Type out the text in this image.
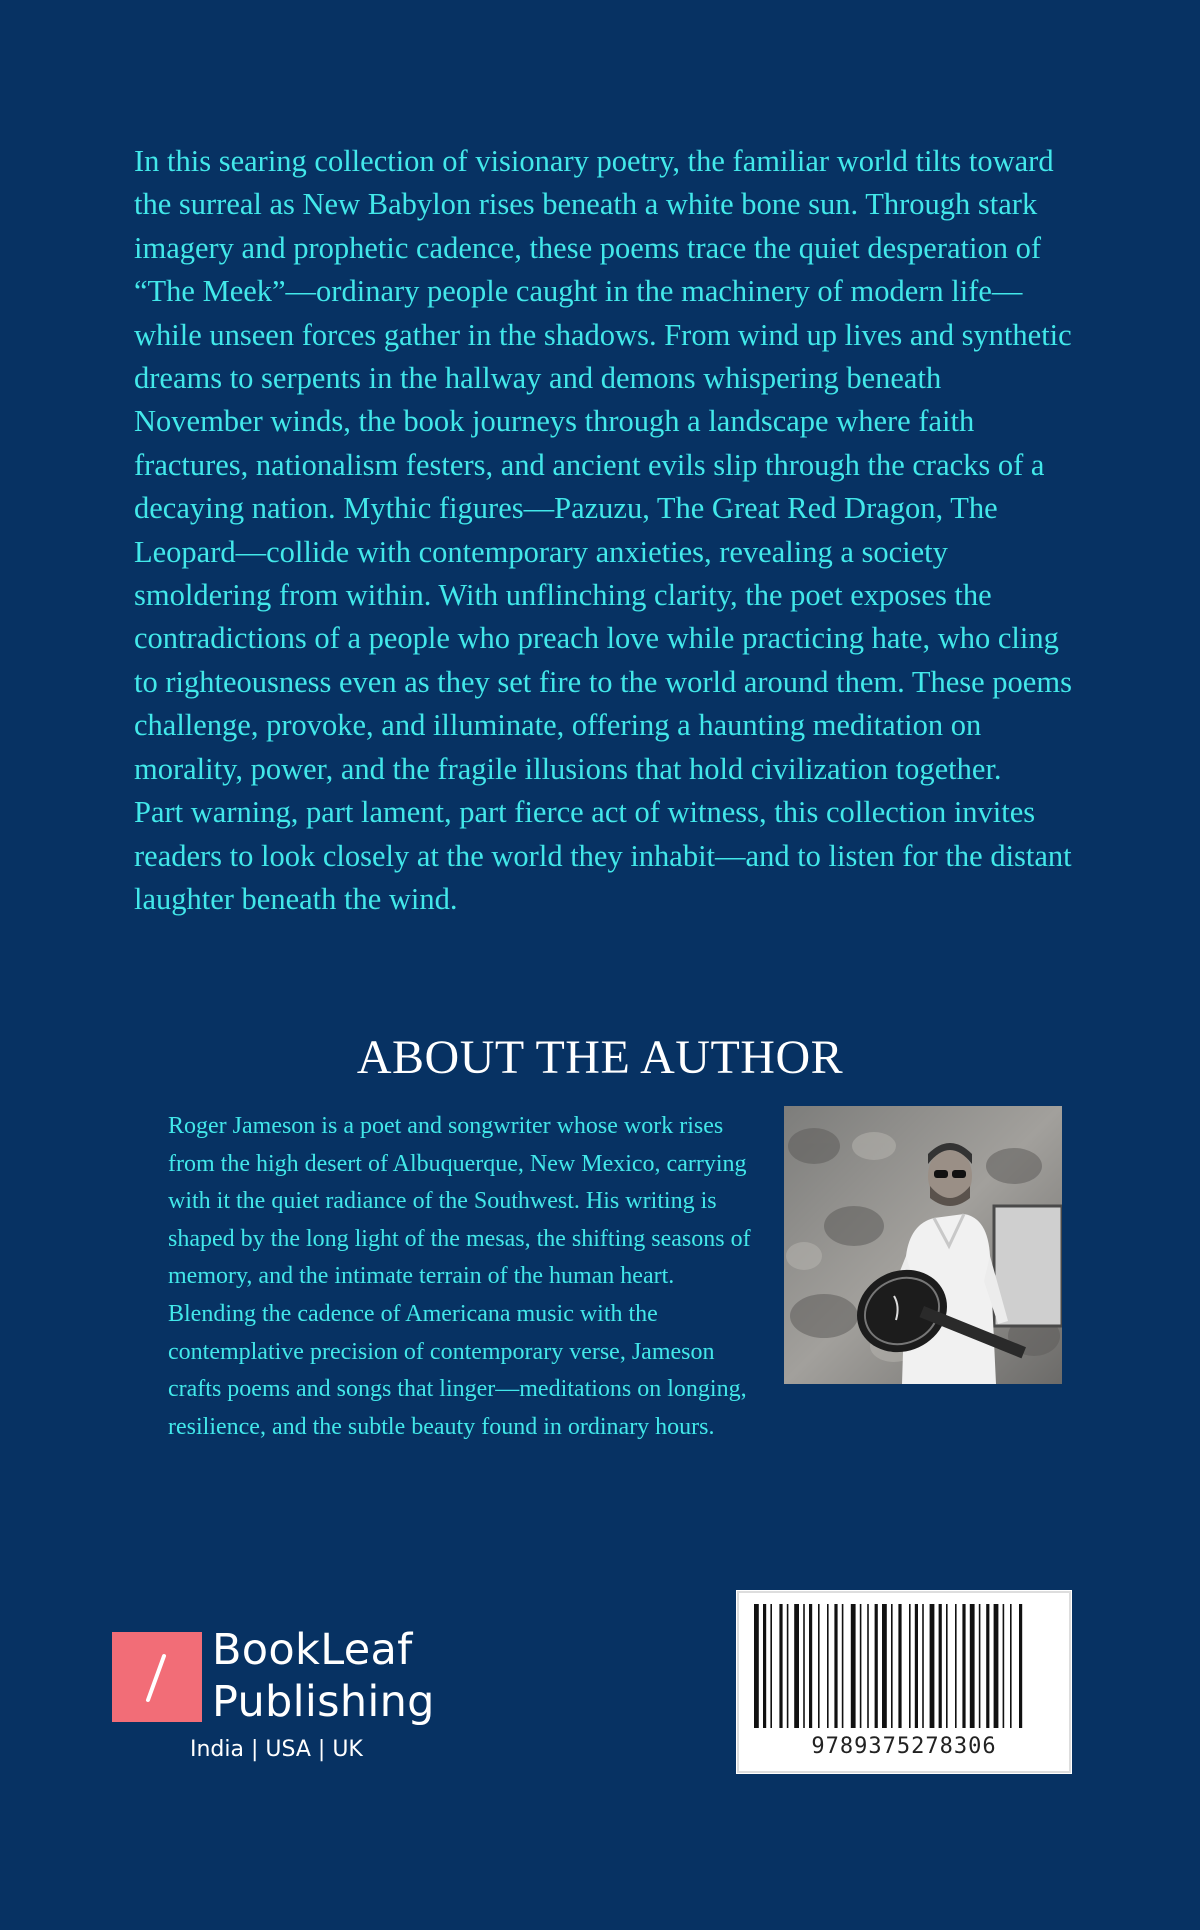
In this searing collection of visionary poetry, the familiar world tilts toward the surreal as New Babylon rises beneath a white bone sun. Through stark imagery and prophetic cadence, these poems trace the quiet desperation of “The Meek”—ordinary people caught in the machinery of modern life—while unseen forces gather in the shadows. From wind up lives and synthetic dreams to serpents in the hallway and demons whispering beneath November winds, the book journeys through a landscape where faith fractures, nationalism festers, and ancient evils slip through the cracks of a decaying nation. Mythic figures—Pazuzu, The Great Red Dragon, The Leopard—collide with contemporary anxieties, revealing a society smoldering from within. With unflinching clarity, the poet exposes the contradictions of a people who preach love while practicing hate, who cling to righteousness even as they set fire to the world around them. These poems challenge, provoke, and illuminate, offering a haunting meditation on morality, power, and the fragile illusions that hold civilization together.

Part warning, part lament, part fierce act of witness, this collection invites readers to look closely at the world they inhabit—and to listen for the distant laughter beneath the wind.

ABOUT THE AUTHOR
Roger Jameson is a poet and songwriter whose work rises from the high desert of Albuquerque, New Mexico, carrying with it the quiet radiance of the Southwest. His writing is shaped by the long light of the mesas, the shifting seasons of memory, and the intimate terrain of the human heart. Blending the cadence of Americana music with the contemplative precision of contemporary verse, Jameson crafts poems and songs that linger—meditations on longing, resilience, and the subtle beauty found in ordinary hours.
BookLeaf
Publishing
India | USA | UK	9789375278306
